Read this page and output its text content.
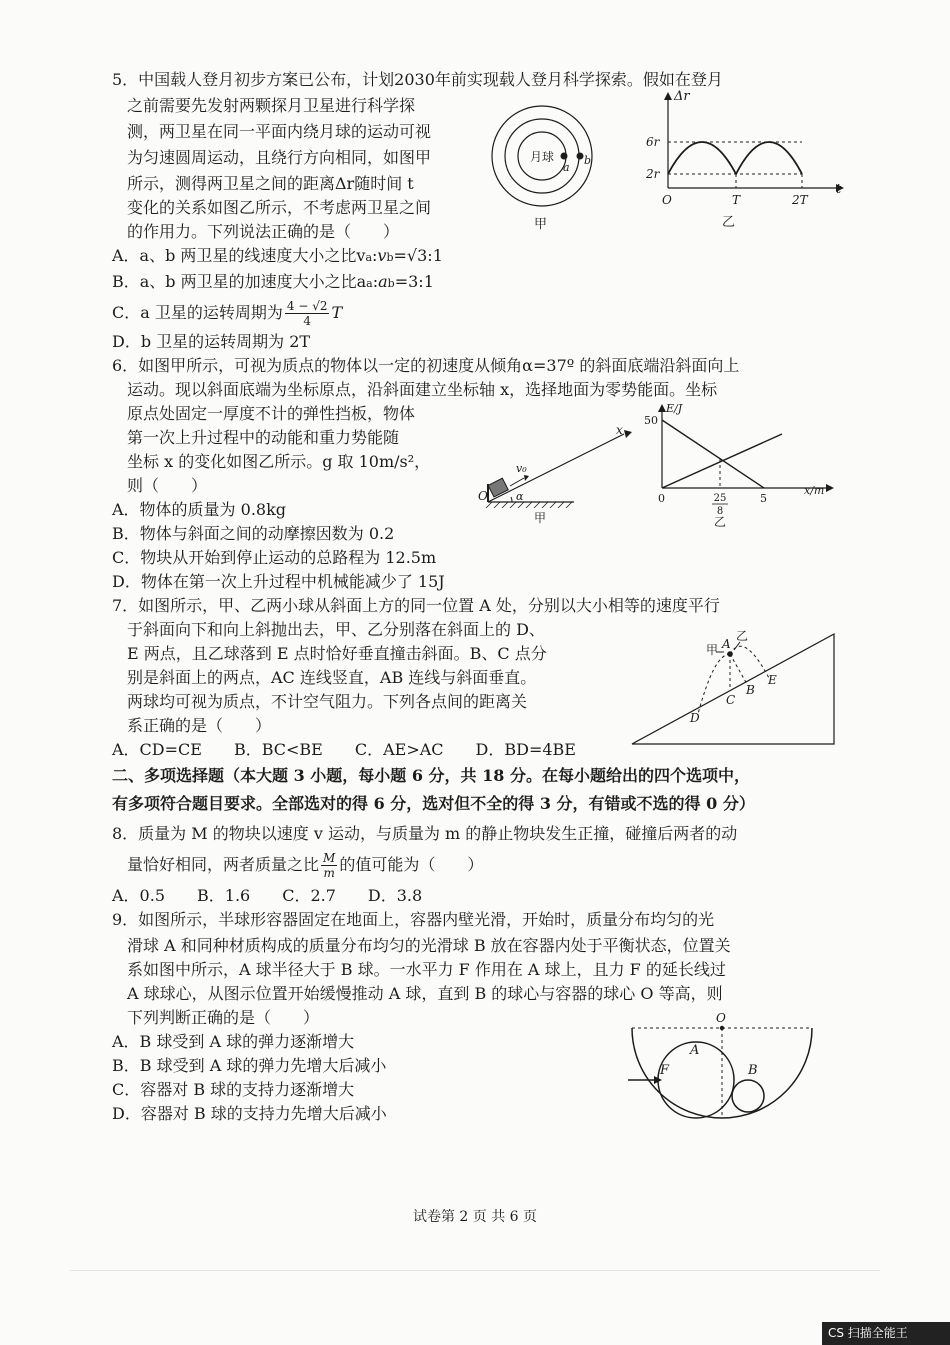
5．中国载人登月初步方案已公布，计划2030年前实现载人登月科学探索。假如在登月
之前需要先发射两颗探月卫星进行科学探
测，两卫星在同一平面内绕月球的运动可视
为匀速圆周运动，且绕行方向相同，如图甲
所示，测得两卫星之间的距离Δr随时间 t
变化的关系如图乙所示，不考虑两卫星之间
的作用力。下列说法正确的是（　　）
A．a、b 两卫星的线速度大小之比va:vb=√3:1
B．a、b 两卫星的加速度大小之比aa:ab=3:1
C．a 卫星的运转周期为 $\frac{4 - √2}{4}$ T
D．b 卫星的运转周期为 2T
月球
a
b
甲
Δr
t
6r
2r
O	T	2T
乙
6．如图甲所示，可视为质点的物体以一定的初速度从倾角α=37º 的斜面底端沿斜面向上
运动。现以斜面底端为坐标原点，沿斜面建立坐标轴 x，选择地面为零势能面。坐标
原点处固定一厚度不计的弹性挡板，物体
第一次上升过程中的动能和重力势能随
坐标 x 的变化如图乙所示。g 取 10m/s²，
则（　　）
A．物体的质量为 0.8kg
B．物体与斜面之间的动摩擦因数为 0.2
C．物块从开始到停止运动的总路程为 12.5m
D．物体在第一次上升过程中机械能减少了 15J
x
v₀
O	α
甲
E/J
x/m
50
0	25
8
5
乙
7．如图所示，甲、乙两小球从斜面上方的同一位置 A 处，分别以大小相等的速度平行
于斜面向下和向上斜抛出去，甲、乙分别落在斜面上的 D、
E 两点，且乙球落到 E 点时恰好垂直撞击斜面。B、C 点分
别是斜面上的两点，AC 连线竖直，AB 连线与斜面垂直。
两球均可视为质点，不计空气阻力。下列各点间的距离关
系正确的是（　　）
A．CD=CE　　B．BC<BE　　C．AE>AC　　D．BD=4BE
甲 A
乙
E
B
C
D
二、多项选择题（本大题 3 小题，每小题 6 分，共 18 分。在每小题给出的四个选项中，
有多项符合题目要求。全部选对的得 6 分，选对但不全的得 3 分，有错或不选的得 0 分）
8．质量为 M 的物块以速度 v 运动，与质量为 m 的静止物块发生正撞，碰撞后两者的动
量恰好相同，两者质量之比 $\frac{M}{m}$ 的值可能为（　　）
A．0.5　　B．1.6　　C．2.7　　D．3.8
9．如图所示，半球形容器固定在地面上，容器内壁光滑，开始时，质量分布均匀的光
滑球 A 和同种材质构成的质量分布均匀的光滑球 B 放在容器内处于平衡状态，位置关
系如图中所示，A 球半径大于 B 球。一水平力 F 作用在 A 球上，且力 F 的延长线过
A 球球心，从图示位置开始缓慢推动 A 球，直到 B 的球心与容器的球心 O 等高，则
下列判断正确的是（　　）
A．B 球受到 A 球的弹力逐渐增大
B．B 球受到 A 球的弹力先增大后减小
C．容器对 B 球的支持力逐渐增大
D．容器对 B 球的支持力先增大后减小
O
A
B
F
试卷第 2 页 共 6 页
CS 扫描全能王
